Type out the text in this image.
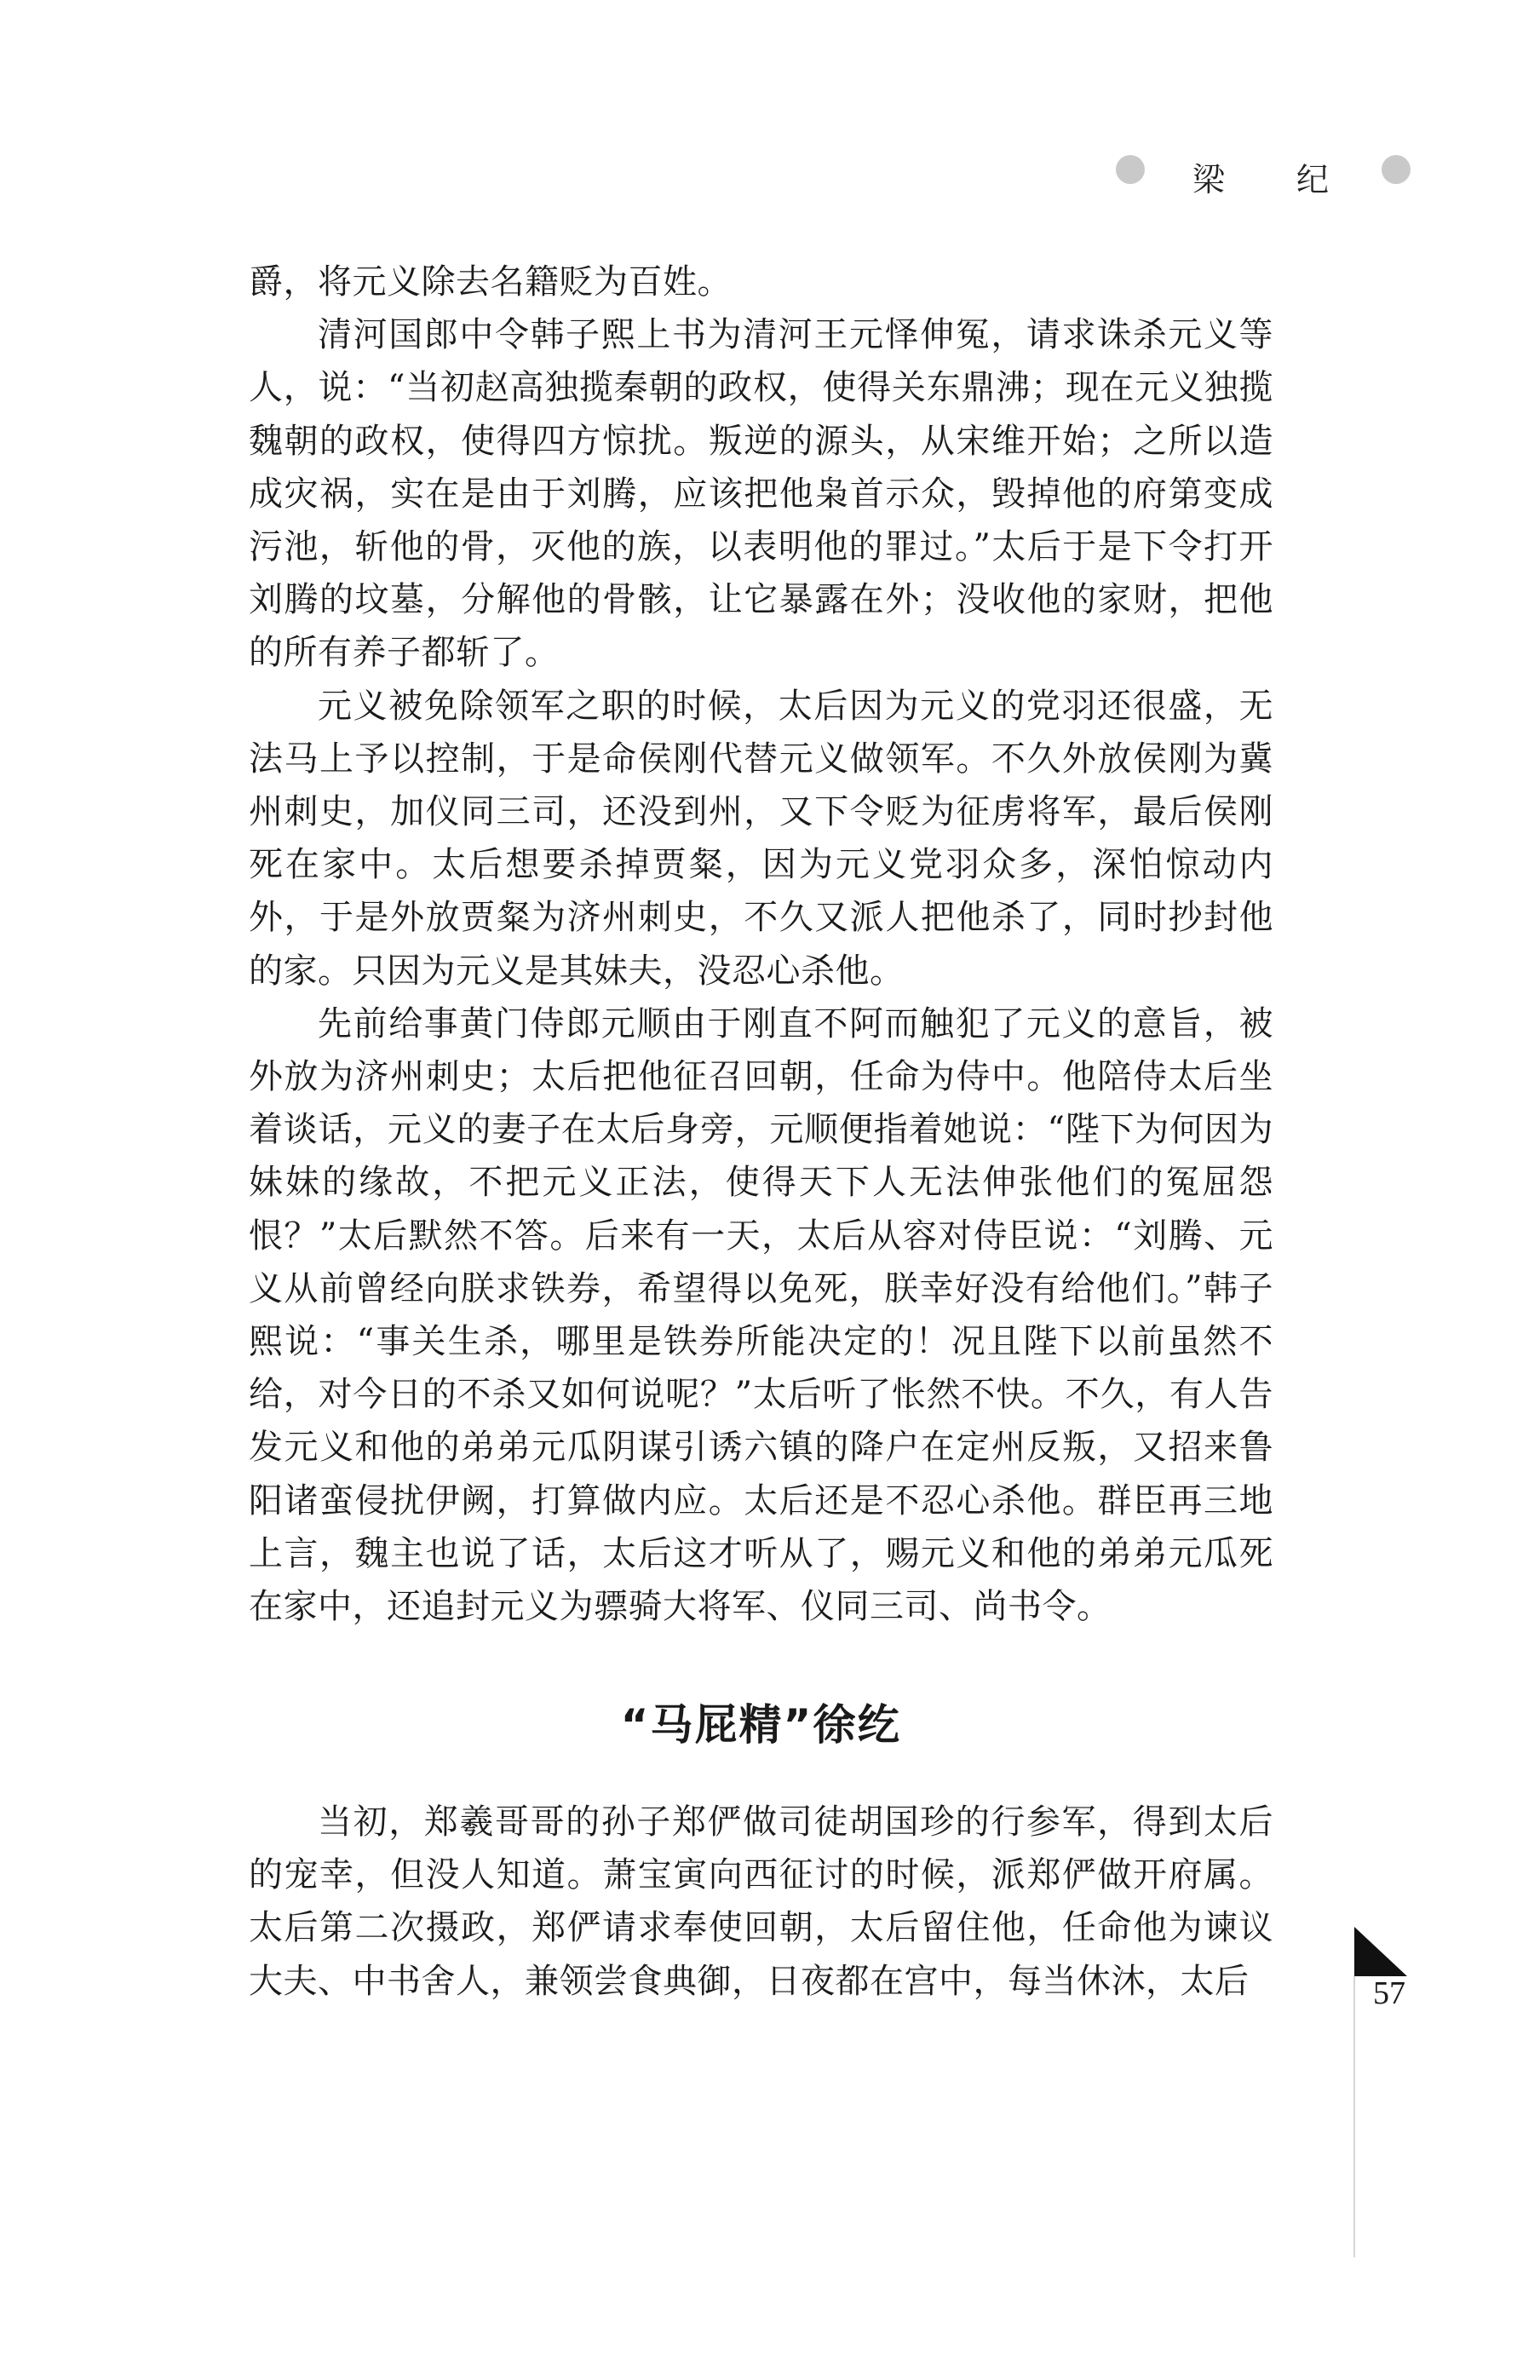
梁 纪

爵，将元义除去名籍贬为百姓。

清河国郎中令韩子熙上书为清河王元怿伸冤，请求诛杀元义等人，说：“当初赵高独揽秦朝的政权，使得关东鼎沸；现在元义独揽魏朝的政权，使得四方惊扰。叛逆的源头，从宋维开始；之所以造成灾祸，实在是由于刘腾，应该把他枭首示众，毁掉他的府第变成污池，斩他的骨，灭他的族，以表明他的罪过。”太后于是下令打开刘腾的坟墓，分解他的骨骸，让它暴露在外；没收他的家财，把他的所有养子都斩了。

元义被免除领军之职的时候，太后因为元义的党羽还很盛，无法马上予以控制，于是命侯刚代替元义做领军。不久外放侯刚为冀州刺史，加仪同三司，还没到州，又下令贬为征虏将军，最后侯刚死在家中。太后想要杀掉贾粲，因为元义党羽众多，深怕惊动内外，于是外放贾粲为济州刺史，不久又派人把他杀了，同时抄封他的家。只因为元义是其妹夫，没忍心杀他。

先前给事黄门侍郎元顺由于刚直不阿而触犯了元义的意旨，被外放为济州刺史；太后把他征召回朝，任命为侍中。他陪侍太后坐着谈话，元义的妻子在太后身旁，元顺便指着她说：“陛下为何因为妹妹的缘故，不把元义正法，使得天下人无法伸张他们的冤屈怨恨？”太后默然不答。后来有一天，太后从容对侍臣说：“刘腾、元义从前曾经向朕求铁券，希望得以免死，朕幸好没有给他们。”韩子熙说：“事关生杀，哪里是铁券所能决定的！况且陛下以前虽然不给，对今日的不杀又如何说呢？”太后听了怅然不快。不久，有人告发元义和他的弟弟元瓜阴谋引诱六镇的降户在定州反叛，又招来鲁阳诸蛮侵扰伊阙，打算做内应。太后还是不忍心杀他。群臣再三地上言，魏主也说了话，太后这才听从了，赐元义和他的弟弟元瓜死在家中，还追封元义为骠骑大将军、仪同三司、尚书令。

“马屁精”徐纥

当初，郑羲哥哥的孙子郑俨做司徒胡国珍的行参军，得到太后的宠幸，但没人知道。萧宝寅向西征讨的时候，派郑俨做开府属。太后第二次摄政，郑俨请求奉使回朝，太后留住他，任命他为谏议大夫、中书舍人，兼领尝食典御，日夜都在宫中，每当休沐，太后	57
